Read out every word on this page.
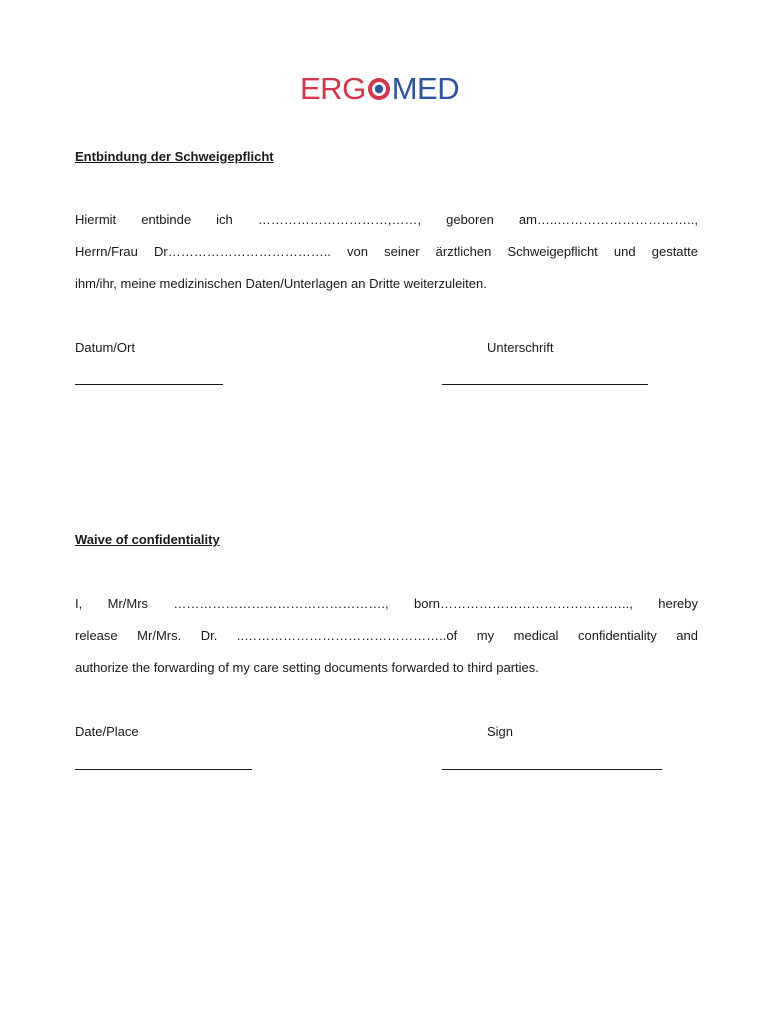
ERG MED
Entbindung der Schweigepflicht
Hiermit entbinde ich …………………………,……, geboren am…..…………………………..,
Herrn/Frau Dr……………………………….. von seiner ärztlichen Schweigepflicht und gestatte
ihm/ihr, meine medizinischen Daten/Unterlagen an Dritte weiterzuleiten.
Datum/Ort	Unterschrift
Waive of confidentiality
I, Mr/Mrs …………………………………………., born…………………………………….., hereby
release Mr/Mrs. Dr. ..………………………………………..of my medical confidentiality and
authorize the forwarding of my care setting documents forwarded to third parties.
Date/Place	Sign
